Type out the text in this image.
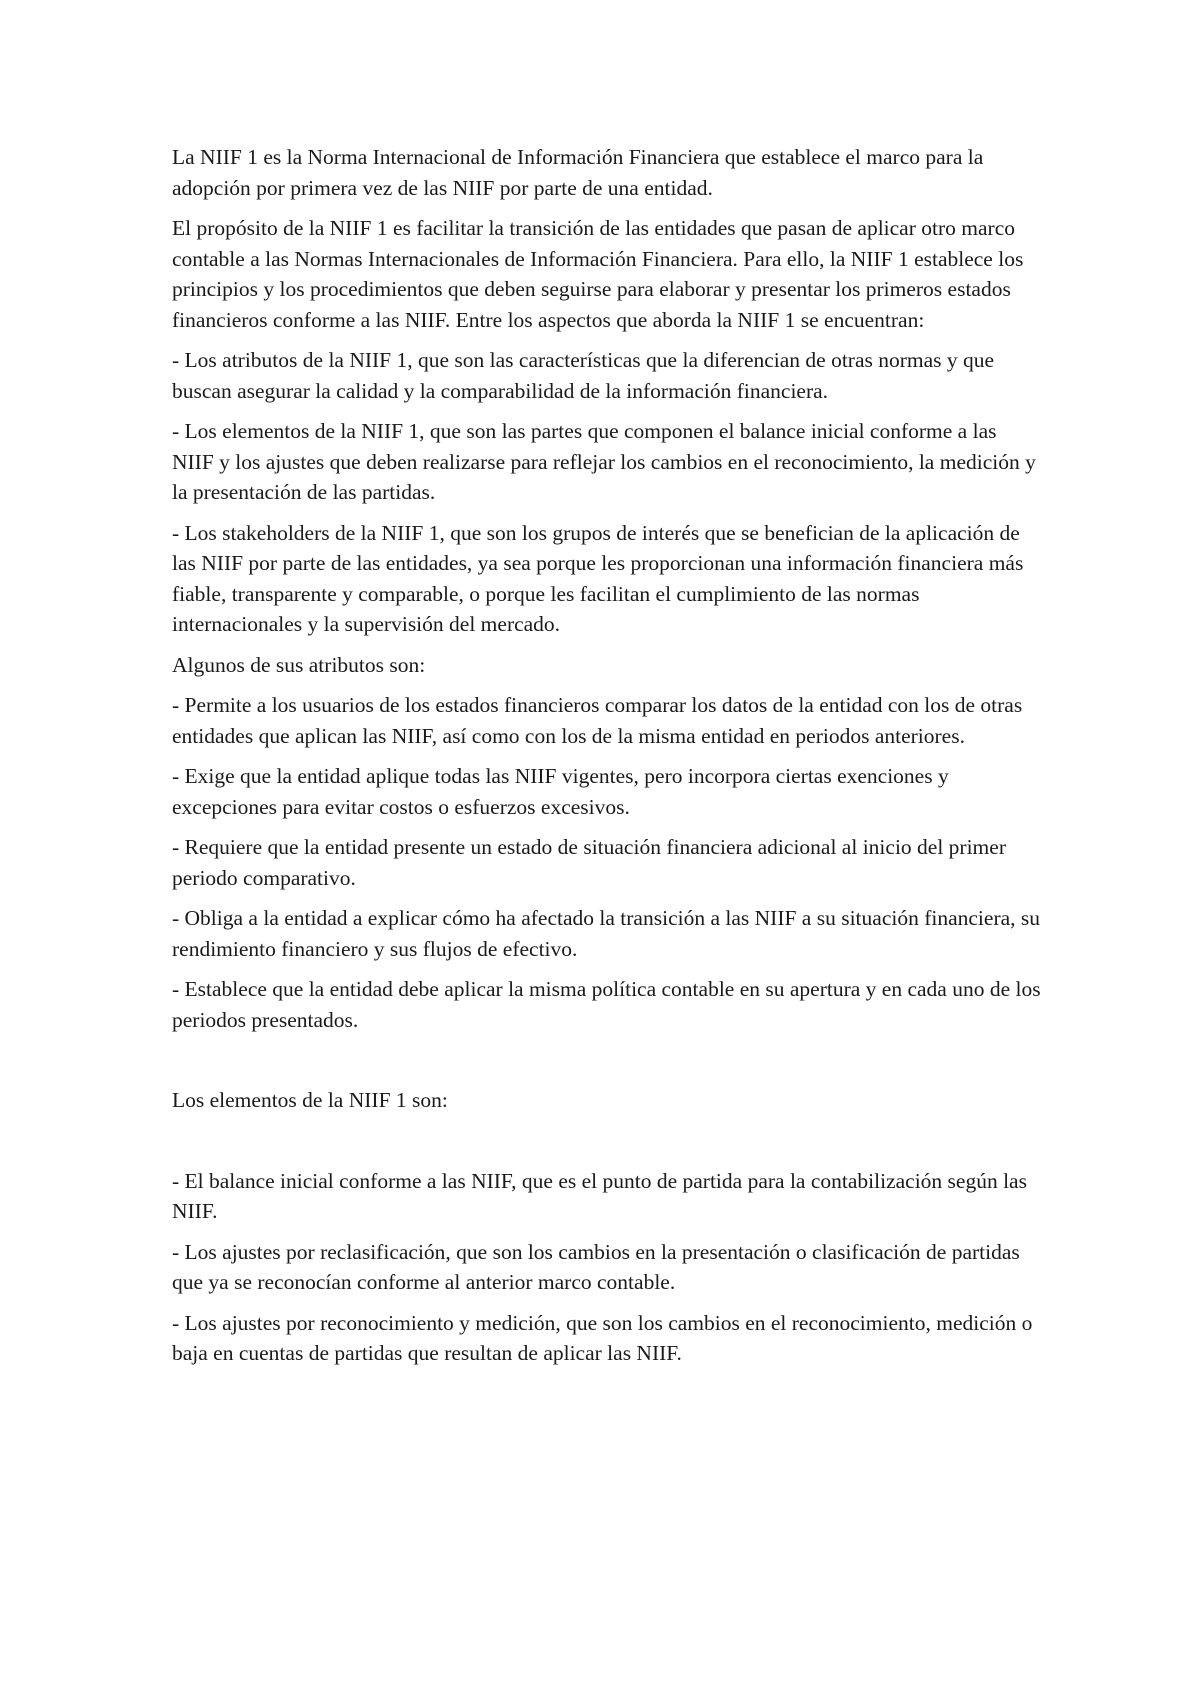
La NIIF 1 es la Norma Internacional de Información Financiera que establece el marco para la adopción por primera vez de las NIIF por parte de una entidad.

El propósito de la NIIF 1 es facilitar la transición de las entidades que pasan de aplicar otro marco contable a las Normas Internacionales de Información Financiera. Para ello, la NIIF 1 establece los principios y los procedimientos que deben seguirse para elaborar y presentar los primeros estados financieros conforme a las NIIF. Entre los aspectos que aborda la NIIF 1 se encuentran:

- Los atributos de la NIIF 1, que son las características que la diferencian de otras normas y que buscan asegurar la calidad y la comparabilidad de la información financiera.

- Los elementos de la NIIF 1, que son las partes que componen el balance inicial conforme a las NIIF y los ajustes que deben realizarse para reflejar los cambios en el reconocimiento, la medición y la presentación de las partidas.

- Los stakeholders de la NIIF 1, que son los grupos de interés que se benefician de la aplicación de las NIIF por parte de las entidades, ya sea porque les proporcionan una información financiera más fiable, transparente y comparable, o porque les facilitan el cumplimiento de las normas internacionales y la supervisión del mercado.

Algunos de sus atributos son:

- Permite a los usuarios de los estados financieros comparar los datos de la entidad con los de otras entidades que aplican las NIIF, así como con los de la misma entidad en periodos anteriores.

- Exige que la entidad aplique todas las NIIF vigentes, pero incorpora ciertas exenciones y excepciones para evitar costos o esfuerzos excesivos.

- Requiere que la entidad presente un estado de situación financiera adicional al inicio del primer periodo comparativo.

- Obliga a la entidad a explicar cómo ha afectado la transición a las NIIF a su situación financiera, su rendimiento financiero y sus flujos de efectivo.

- Establece que la entidad debe aplicar la misma política contable en su apertura y en cada uno de los periodos presentados.

Los elementos de la NIIF 1 son:

- El balance inicial conforme a las NIIF, que es el punto de partida para la contabilización según las NIIF.

- Los ajustes por reclasificación, que son los cambios en la presentación o clasificación de partidas que ya se reconocían conforme al anterior marco contable.

- Los ajustes por reconocimiento y medición, que son los cambios en el reconocimiento, medición o baja en cuentas de partidas que resultan de aplicar las NIIF.
